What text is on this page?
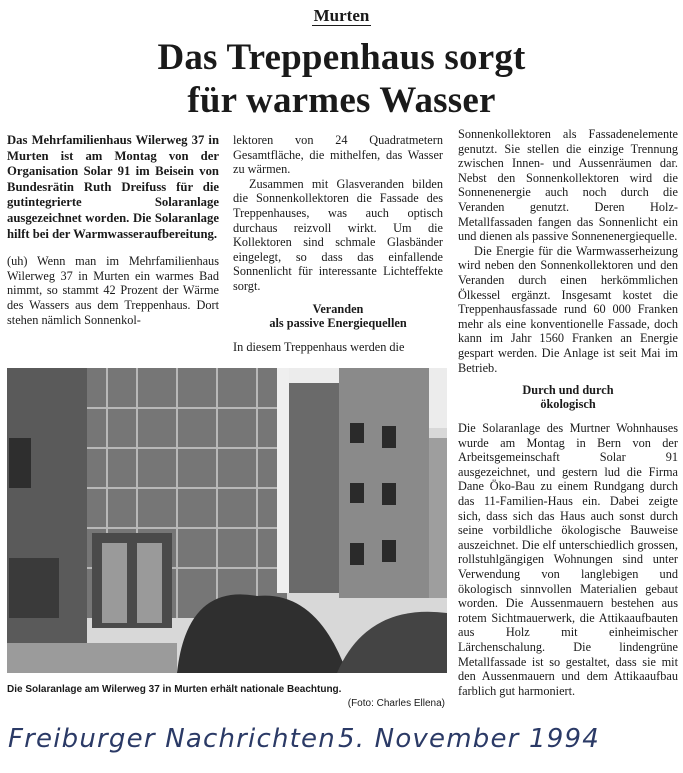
Murten
Das Treppenhaus sorgt
für warmes Wasser

Das Mehrfamilienhaus Wilerweg 37 in Murten ist am Montag von der Organisation Solar 91 im Beisein von Bundesrätin Ruth Dreifuss für die gutintegrierte Solaranlage ausgezeichnet worden. Die Solaranlage hilft bei der Warmwasseraufbereitung.

(uh) Wenn man im Mehrfamilienhaus Wilerweg 37 in Murten ein warmes Bad nimmt, so stammt 42 Prozent der Wärme des Wassers aus dem Treppenhaus. Dort stehen nämlich Sonnenkol-

lektoren von 24 Quadratmetern Gesamtfläche, die mithelfen, das Wasser zu wärmen.

Zusammen mit Glasveranden bilden die Sonnenkollektoren die Fassade des Treppenhauses, was auch optisch durchaus reizvoll wirkt. Um die Kollektoren sind schmale Glasbänder eingelegt, so dass das einfallende Sonnenlicht für interessante Lichteffekte sorgt.

Veranden
als passive Energiequellen

In diesem Treppenhaus werden die

Sonnenkollektoren als Fassadenelemente genutzt. Sie stellen die einzige Trennung zwischen Innen- und Aussenräumen dar. Nebst den Sonnenkollektoren wird die Sonnenenergie auch noch durch die Veranden genutzt. Deren Holz-Metallfassaden fangen das Sonnenlicht ein und dienen als passive Sonnenenergiequelle.

Die Energie für die Warmwasserheizung wird neben den Sonnenkollektoren und den Veranden durch einen herkömmlichen Ölkessel ergänzt. Insgesamt kostet die Treppenhausfassade rund 60 000 Franken mehr als eine konventionelle Fassade, doch kann im Jahr 1560 Franken an Energie gespart werden. Die Anlage ist seit Mai im Betrieb.

Durch und durch
ökologisch

Die Solaranlage des Murtner Wohnhauses wurde am Montag in Bern von der Arbeitsgemeinschaft Solar 91 ausgezeichnet, und gestern lud die Firma Dane Öko-Bau zu einem Rundgang durch das 11-Familien-Haus ein. Dabei zeigte sich, dass sich das Haus auch sonst durch seine vorbildliche ökologische Bauweise auszeichnet. Die elf unterschiedlich grossen, rollstuhlgängigen Wohnungen sind unter Verwendung von langlebigen und ökologisch sinnvollen Materialien gebaut worden. Die Aussenmauern bestehen aus rotem Sichtmauerwerk, die Attikaaufbauten aus Holz mit einheimischer Lärchenschalung. Die lindengrüne Metallfassade ist so gestaltet, dass sie mit den Aussenmauern und dem Attikaaufbau farblich gut harmoniert.

Die Solaranlage am Wilerweg 37 in Murten erhält nationale Beachtung.
(Foto: Charles Ellena)
Freiburger Nachrichten 5. November 1994
